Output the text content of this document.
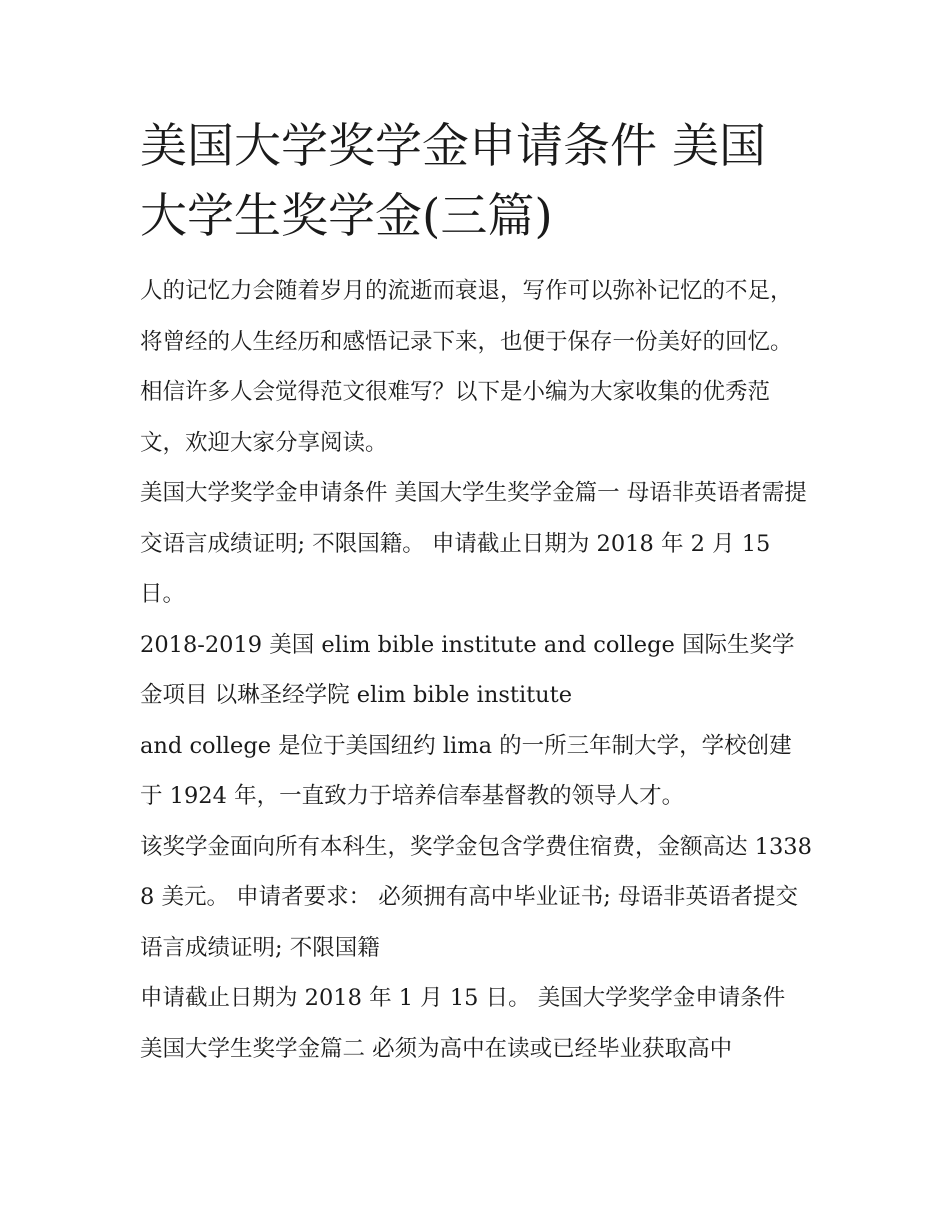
美国大学奖学金申请条件 美国大学生奖学金(三篇)

人的记忆力会随着岁月的流逝而衰退，写作可以弥补记忆的不足，将曾经的人生经历和感悟记录下来，也便于保存一份美好的回忆。相信许多人会觉得范文很难写？以下是小编为大家收集的优秀范文，欢迎大家分享阅读。

美国大学奖学金申请条件 美国大学生奖学金篇一 母语非英语者需提交语言成绩证明; 不限国籍。 申请截止日期为 2018 年 2 月 15 日。

2018-2019 美国 elim bible institute and college 国际生奖学金项目 以琳圣经学院 elim bible institute

and college 是位于美国纽约 lima 的一所三年制大学，学校创建于 1924 年，一直致力于培养信奉基督教的领导人才。

该奖学金面向所有本科生，奖学金包含学费住宿费，金额高达 13388 美元。 申请者要求： 必须拥有高中毕业证书; 母语非英语者提交语言成绩证明; 不限国籍

申请截止日期为 2018 年 1 月 15 日。 美国大学奖学金申请条件 美国大学生奖学金篇二 必须为高中在读或已经毕业获取高中
